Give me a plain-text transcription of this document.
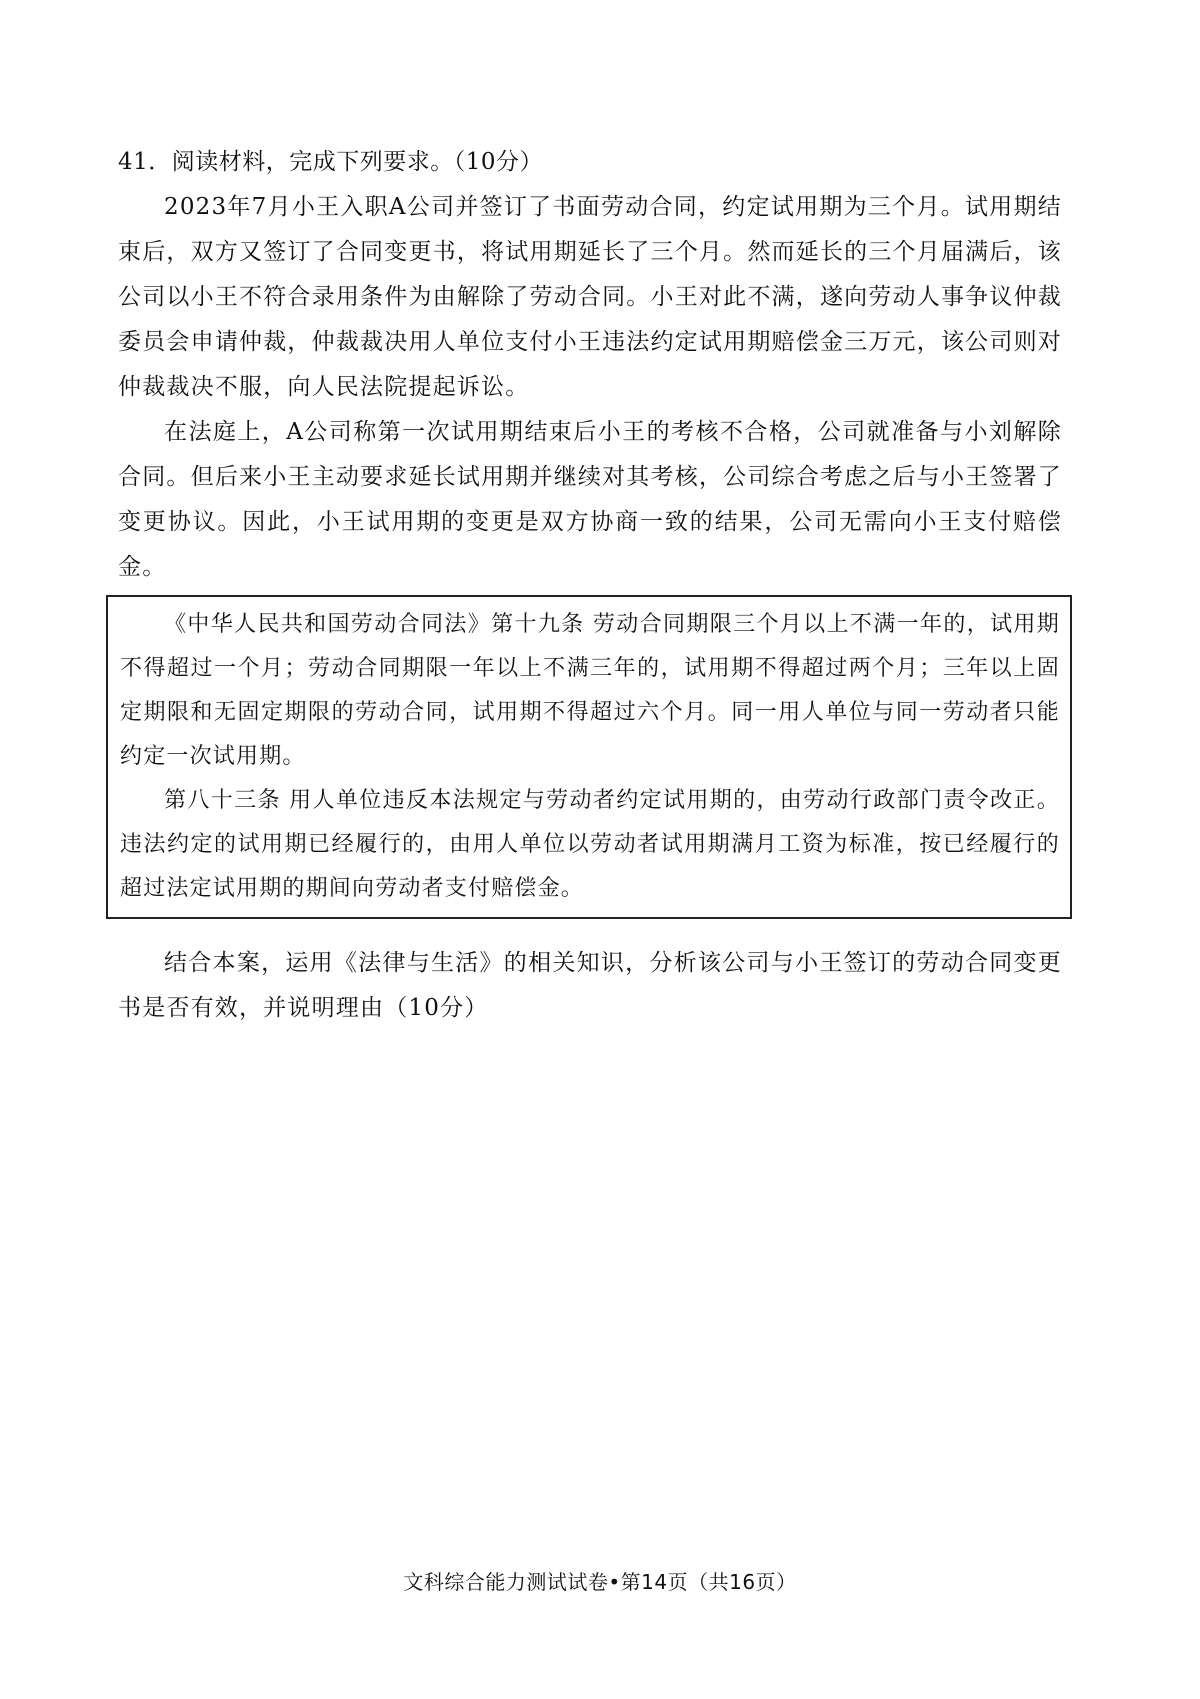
41．阅读材料，完成下列要求。（10分）

2023年7月小王入职A公司并签订了书面劳动合同，约定试用期为三个月。试用期结束后，双方又签订了合同变更书，将试用期延长了三个月。然而延长的三个月届满后，该公司以小王不符合录用条件为由解除了劳动合同。小王对此不满，遂向劳动人事争议仲裁委员会申请仲裁，仲裁裁决用人单位支付小王违法约定试用期赔偿金三万元，该公司则对仲裁裁决不服，向人民法院提起诉讼。

在法庭上，A公司称第一次试用期结束后小王的考核不合格，公司就准备与小刘解除合同。但后来小王主动要求延长试用期并继续对其考核，公司综合考虑之后与小王签署了变更协议。因此，小王试用期的变更是双方协商一致的结果，公司无需向小王支付赔偿金。

《中华人民共和国劳动合同法》第十九条 劳动合同期限三个月以上不满一年的，试用期不得超过一个月；劳动合同期限一年以上不满三年的，试用期不得超过两个月；三年以上固定期限和无固定期限的劳动合同，试用期不得超过六个月。同一用人单位与同一劳动者只能约定一次试用期。

第八十三条 用人单位违反本法规定与劳动者约定试用期的，由劳动行政部门责令改正。违法约定的试用期已经履行的，由用人单位以劳动者试用期满月工资为标准，按已经履行的超过法定试用期的期间向劳动者支付赔偿金。

结合本案，运用《法律与生活》的相关知识，分析该公司与小王签订的劳动合同变更书是否有效，并说明理由（10分）

文科综合能力测试试卷•第14页（共16页）
